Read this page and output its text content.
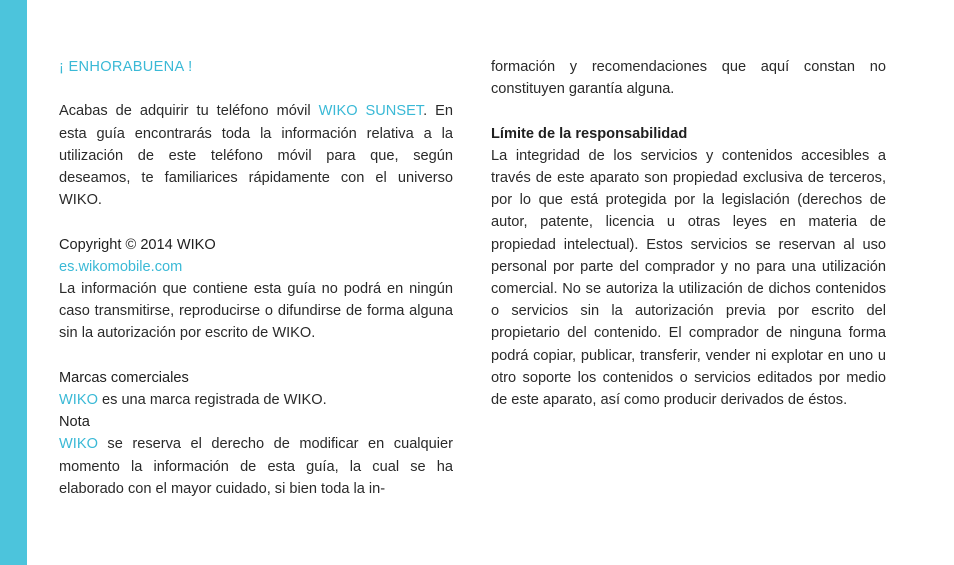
¡ ENHORABUENA !

Acabas de adquirir tu teléfono móvil WIKO SUNSET. En esta guía encontrarás toda la información relativa a la utilización de este teléfono móvil para que, según deseamos, te familiarices rápidamente con el universo WIKO.

Copyright © 2014 WIKO

es.wikomobile.com

La información que contiene esta guía no podrá en ningún caso transmitirse, reproducirse o difundirse de forma alguna sin la autorización por escrito de WIKO.

Marcas comerciales

WIKO es una marca registrada de WIKO.

Nota

WIKO se reserva el derecho de modificar en cualquier momento la información de esta guía, la cual se ha elaborado con el mayor cuidado, si bien toda la in-

formación y recomendaciones que aquí constan no constituyen garantía alguna.

Límite de la responsabilidad

La integridad de los servicios y contenidos accesibles a través de este aparato son propiedad exclusiva de terceros, por lo que está protegida por la legislación (derechos de autor, patente, licencia u otras leyes en materia de propiedad intelectual). Estos servicios se reservan al uso personal por parte del comprador y no para una utilización comercial. No se autoriza la utilización de dichos contenidos o servicios sin la autorización previa por escrito del propietario del contenido. El comprador de ninguna forma podrá copiar, publicar, transferir, vender ni explotar en uno u otro soporte los contenidos o servicios editados por medio de este aparato, así como producir derivados de éstos.
